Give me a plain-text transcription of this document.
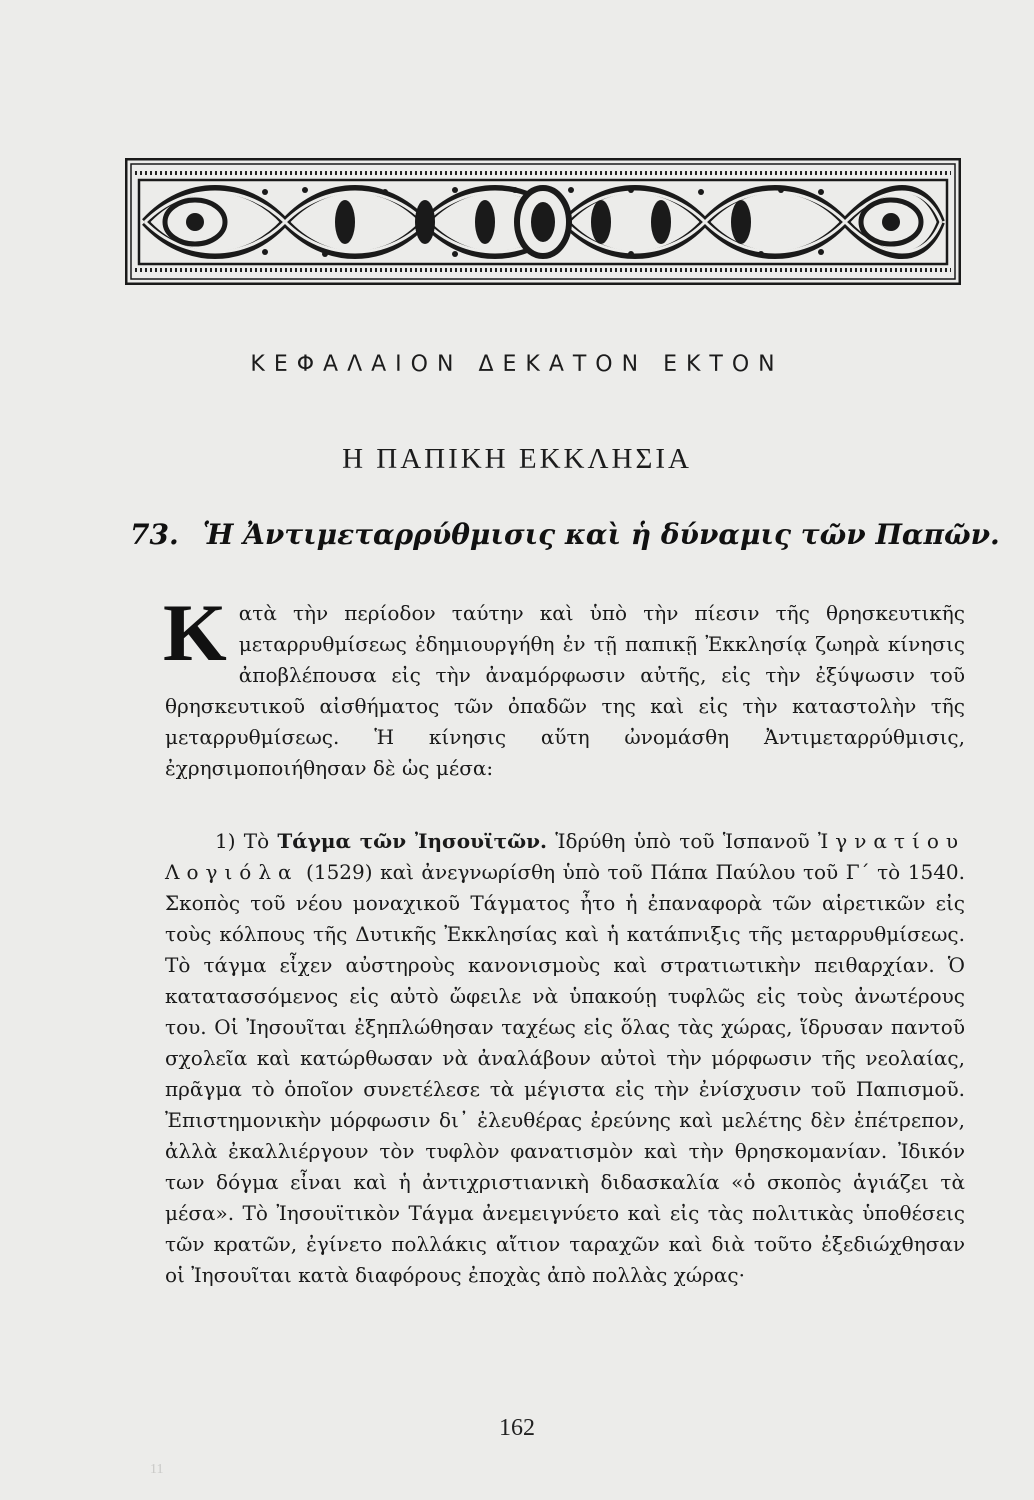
ΚΕΦΑΛΑΙΟΝ ΔΕΚΑΤΟΝ ΕΚΤΟΝ
Η ΠΑΠΙΚΗ ΕΚΚΛΗΣΙΑ
73. Ἡ Ἀντιμεταρρύθμισις καὶ ἡ δύναμις τῶν Παπῶν.
Κατὰ τὴν περίοδον ταύτην καὶ ὑπὸ τὴν πίεσιν τῆς θρησκευτικῆς μεταρρυθμίσεως ἐδημιουργήθη ἐν τῇ παπικῇ Ἐκκλησίᾳ ζωηρὰ κίνησις ἀποβλέπουσα εἰς τὴν ἀναμόρφωσιν αὐτῆς, εἰς τὴν ἐξύψωσιν τοῦ θρησκευτικοῦ αἰσθήματος τῶν ὀπαδῶν της καὶ εἰς τὴν καταστολὴν τῆς μεταρρυθμίσεως. Ἡ κίνησις αὕτη ὠνομάσθη Ἀντιμεταρρύθμισις, ἐχρησιμοποιήθησαν δὲ ὡς μέσα:
1) Τὸ Τάγμα τῶν Ἰησουϊτῶν. Ἱδρύθη ὑπὸ τοῦ Ἱσπανοῦ Ἰγνατίου Λογιόλα (1529) καὶ ἀνεγνωρίσθη ὑπὸ τοῦ Πάπα Παύλου τοῦ Γ΄ τὸ 1540. Σκοπὸς τοῦ νέου μοναχικοῦ Τάγματος ἦτο ἡ ἐπαναφορὰ τῶν αἱρετικῶν εἰς τοὺς κόλπους τῆς Δυτικῆς Ἐκκλησίας καὶ ἡ κατάπνιξις τῆς μεταρρυθμίσεως. Τὸ τάγμα εἶχεν αὐστηροὺς κανονισμοὺς καὶ στρατιωτικὴν πειθαρχίαν. Ὁ κατατασσόμενος εἰς αὐτὸ ὤφειλε νὰ ὑπακούῃ τυφλῶς εἰς τοὺς ἀνωτέρους του. Οἱ Ἰησουῖται ἐξηπλώθησαν ταχέως εἰς ὅλας τὰς χώρας, ἵδρυσαν παντοῦ σχολεῖα καὶ κατώρθωσαν νὰ ἀναλάβουν αὐτοὶ τὴν μόρφωσιν τῆς νεολαίας, πρᾶγμα τὸ ὁποῖον συνετέλεσε τὰ μέγιστα εἰς τὴν ἐνίσχυσιν τοῦ Παπισμοῦ. Ἐπιστημονικὴν μόρφωσιν δι᾿ ἐλευθέρας ἐρεύνης καὶ μελέτης δὲν ἐπέτρεπον, ἀλλὰ ἐκαλλιέργουν τὸν τυφλὸν φανατισμὸν καὶ τὴν θρησκομανίαν. Ἰδικόν των δόγμα εἶναι καὶ ἡ ἀντιχριστιανικὴ διδασκαλία «ὁ σκοπὸς ἁγιάζει τὰ μέσα». Τὸ Ἰησουϊτικὸν Τάγμα ἀνεμειγνύετο καὶ εἰς τὰς πολιτικὰς ὑποθέσεις τῶν κρατῶν, ἐγίνετο πολλάκις αἴτιον ταραχῶν καὶ διὰ τοῦτο ἐξεδιώχθησαν οἱ Ἰησουῖται κατὰ διαφόρους ἐποχὰς ἀπὸ πολλὰς χώρας·
162
11
